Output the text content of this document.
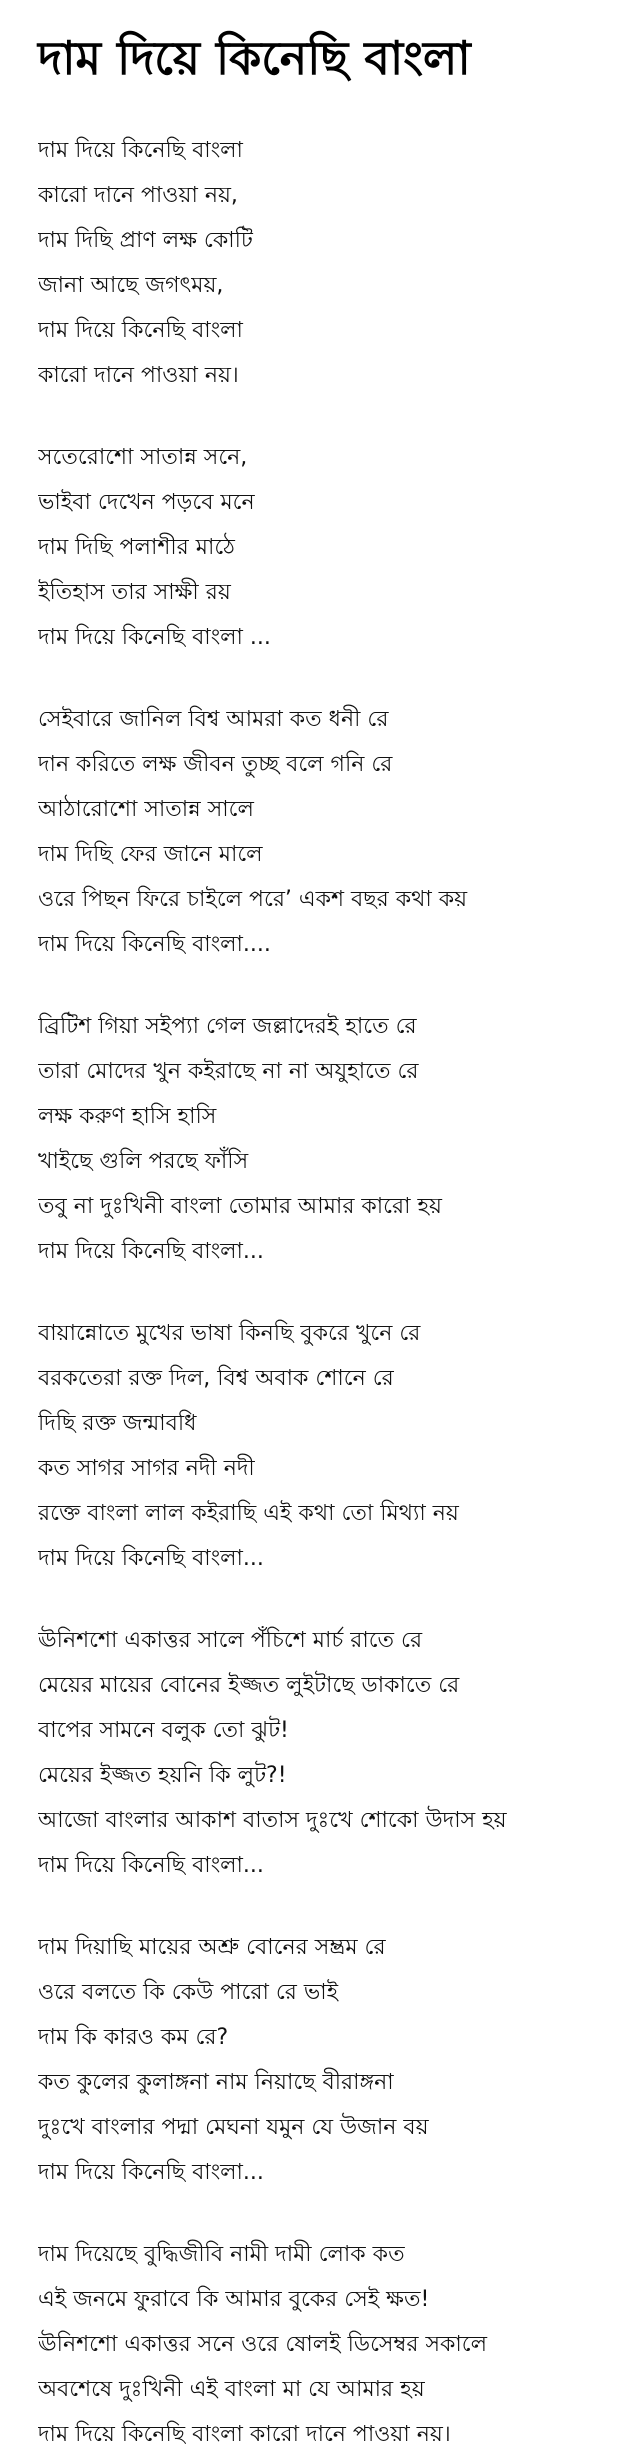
দাম দিয়ে কিনেছি বাংলা
দাম দিয়ে কিনেছি বাংলা
কারো দানে পাওয়া নয়,
দাম দিছি প্রাণ লক্ষ কোটি
জানা আছে জগৎময়,
দাম দিয়ে কিনেছি বাংলা
কারো দানে পাওয়া নয়।
সতেরোশো সাতান্ন সনে,
ভাইবা দেখেন পড়বে মনে
দাম দিছি পলাশীর মাঠে
ইতিহাস তার সাক্ষী রয়
দাম দিয়ে কিনেছি বাংলা ...
সেইবারে জানিল বিশ্ব আমরা কত ধনী রে
দান করিতে লক্ষ জীবন তুচ্ছ বলে গনি রে
আঠারোশো সাতান্ন সালে
দাম দিছি ফের জানে মালে
ওরে পিছন ফিরে চাইলে পরে’ একশ বছর কথা কয়
দাম দিয়ে কিনেছি বাংলা....
ব্রিটিশ গিয়া সইপ্যা গেল জল্লাদেরই হাতে রে
তারা মোদের খুন কইরাছে না না অযুহাতে রে
লক্ষ করুণ হাসি হাসি
খাইছে গুলি পরছে ফাঁসি
তবু না দুঃখিনী বাংলা তোমার আমার কারো হয়
দাম দিয়ে কিনেছি বাংলা...
বায়ান্নোতে মুখের ভাষা কিনছি বুকরে খুনে রে
বরকতেরা রক্ত দিল, বিশ্ব অবাক শোনে রে
দিছি রক্ত জন্মাবধি
কত সাগর সাগর নদী নদী
রক্তে বাংলা লাল কইরাছি এই কথা তো মিথ্যা নয়
দাম দিয়ে কিনেছি বাংলা...
ঊনিশশো একাত্তর সালে পঁচিশে মার্চ রাতে রে
মেয়ের মায়ের বোনের ইজ্জত লুইটাছে ডাকাতে রে
বাপের সামনে বলুক তো ঝুট!
মেয়ের ইজ্জত হয়নি কি লুট?!
আজো বাংলার আকাশ বাতাস দুঃখে শোকো উদাস হয়
দাম দিয়ে কিনেছি বাংলা...
দাম দিয়াছি মায়ের অশ্রু বোনের সম্ভ্রম রে
ওরে বলতে কি কেউ পারো রে ভাই
দাম কি কারও কম রে?
কত কুলের কুলাঙ্গনা নাম নিয়াছে বীরাঙ্গনা
দুঃখে বাংলার পদ্মা মেঘনা যমুন যে উজান বয়
দাম দিয়ে কিনেছি বাংলা...
দাম দিয়েছে বুদ্ধিজীবি নামী দামী লোক কত
এই জনমে ফুরাবে কি আমার বুকের সেই ক্ষত!
ঊনিশশো একাত্তর সনে ওরে ষোলই ডিসেম্বর সকালে
অবশেষে দুঃখিনী এই বাংলা মা যে আমার হয়
দাম দিয়ে কিনেছি বাংলা কারো দানে পাওয়া নয়।
